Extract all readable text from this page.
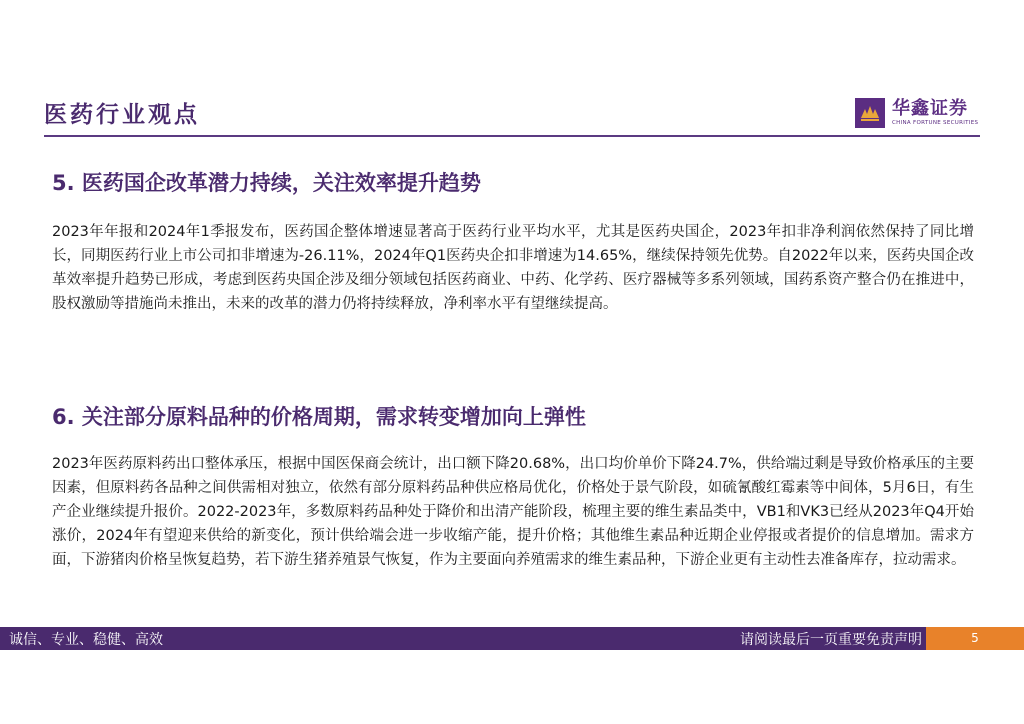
医药行业观点	华鑫证券
CHINA FORTUNE SECURITIES
5. 医药国企改革潜力持续，关注效率提升趋势
2023年年报和2024年1季报发布，医药国企整体增速显著高于医药行业平均水平，尤其是医药央国企，2023年扣非净利润依然保持了同比增长，同期医药行业上市公司扣非增速为-26.11%，2024年Q1医药央企扣非增速为14.65%，继续保持领先优势。自2022年以来，医药央国企改革效率提升趋势已形成，考虑到医药央国企涉及细分领域包括医药商业、中药、化学药、医疗器械等多系列领域，国药系资产整合仍在推进中，股权激励等措施尚未推出，未来的改革的潜力仍将持续释放，净利率水平有望继续提高。
6. 关注部分原料品种的价格周期，需求转变增加向上弹性
2023年医药原料药出口整体承压，根据中国医保商会统计，出口额下降20.68%，出口均价单价下降24.7%，供给端过剩是导致价格承压的主要因素，但原料药各品种之间供需相对独立，依然有部分原料药品种供应格局优化，价格处于景气阶段，如硫氰酸红霉素等中间体，5月6日，有生产企业继续提升报价。2022-2023年，多数原料药品种处于降价和出清产能阶段，梳理主要的维生素品类中，VB1和VK3已经从2023年Q4开始涨价，2024年有望迎来供给的新变化，预计供给端会进一步收缩产能，提升价格；其他维生素品种近期企业停报或者提价的信息增加。需求方面，下游猪肉价格呈恢复趋势，若下游生猪养殖景气恢复，作为主要面向养殖需求的维生素品种，下游企业更有主动性去准备库存，拉动需求。
诚信、专业、稳健、高效	请阅读最后一页重要免责声明	5
